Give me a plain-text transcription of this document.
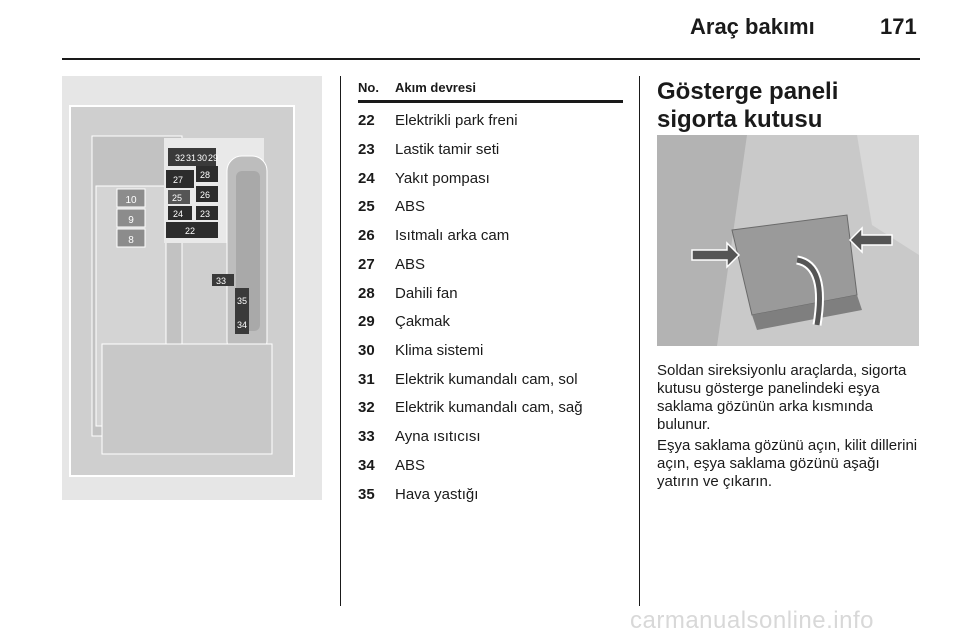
Araç bakımı	171
10
9
8
32 31 30 29
27 28
25 26
24 23
22
33
35
34
No. Akım devresi
22 Elektrikli park freni
23 Lastik tamir seti
24 Yakıt pompası
25 ABS
26 Isıtmalı arka cam
27 ABS
28 Dahili fan
29 Çakmak
30 Klima sistemi
31 Elektrik kumandalı cam, sol
32 Elektrik kumandalı cam, sağ
33 Ayna ısıtıcısı
34 ABS
35 Hava yastığı
Gösterge paneli sigorta kutusu
Soldan sireksiyonlu araçlarda, sigorta kutusu gösterge panelindeki eşya saklama gözünün arka kısmında bulunur.
Eşya saklama gözünü açın, kilit dillerini açın, eşya saklama gözünü aşağı yatırın ve çıkarın.
carmanualsonline.info
